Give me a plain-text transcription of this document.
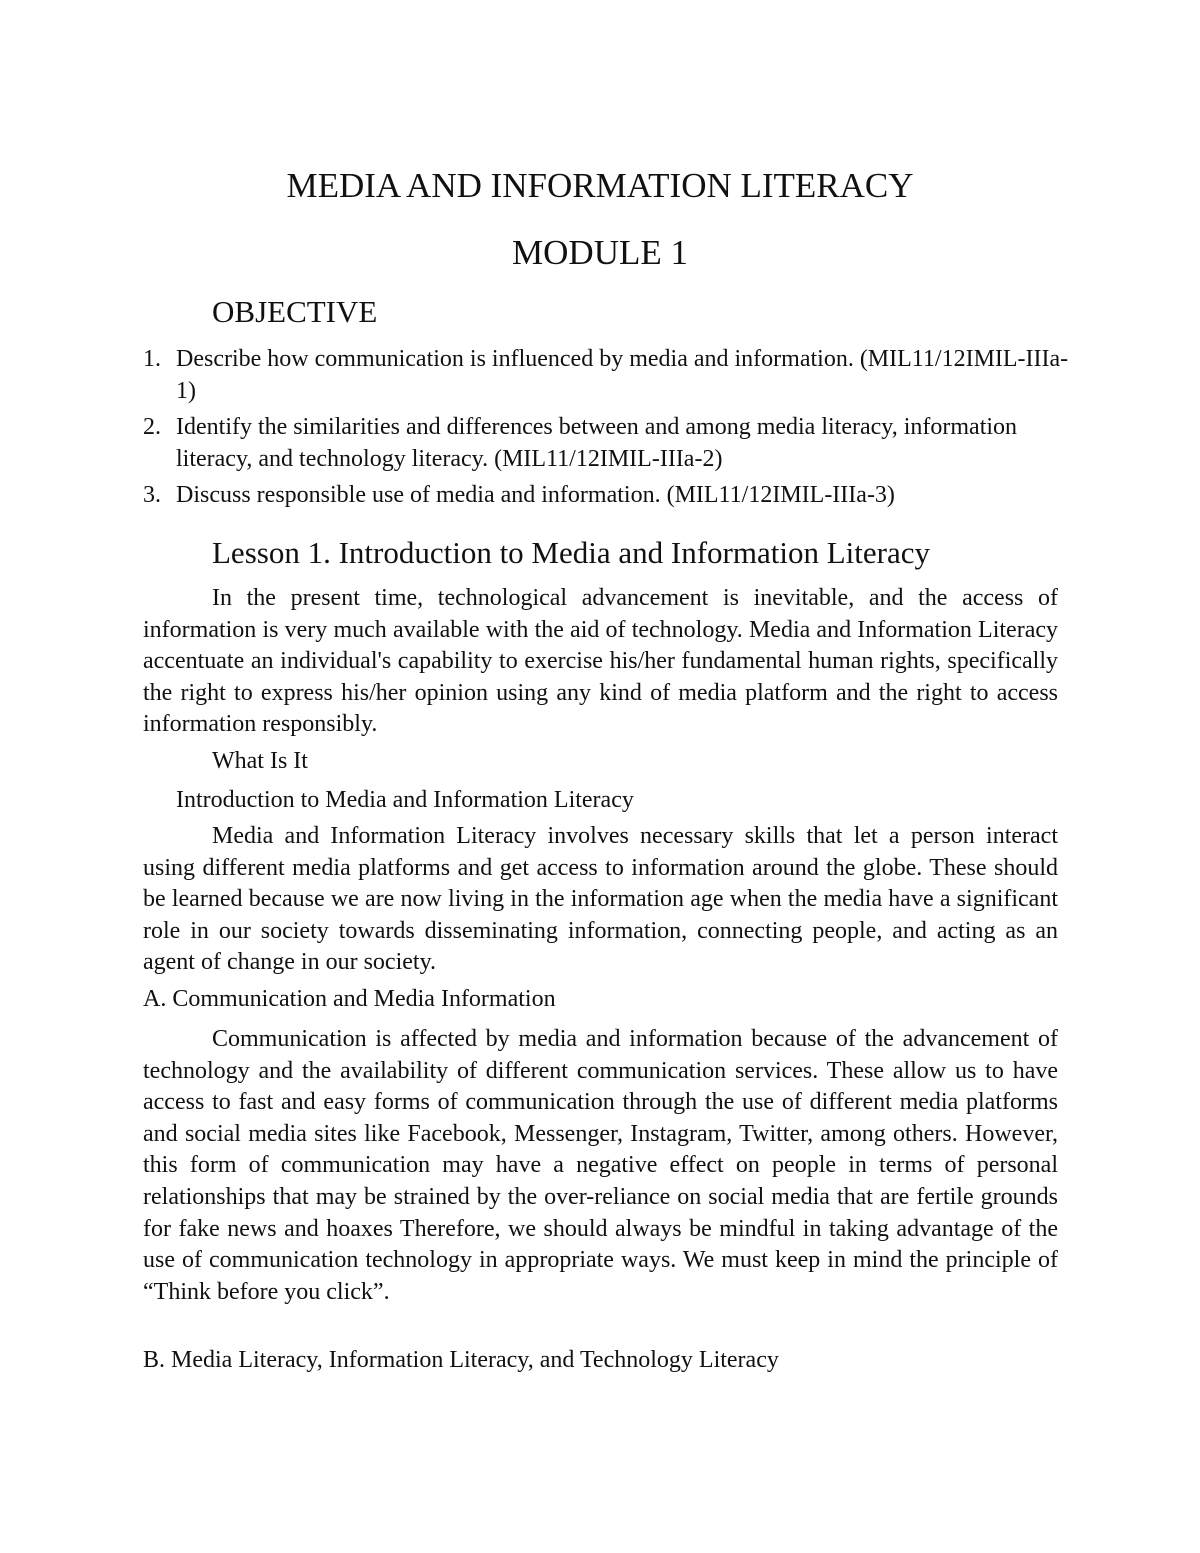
MEDIA AND INFORMATION LITERACY
MODULE 1
OBJECTIVE
1. Describe how communication is influenced by media and information. (MIL11/12IMIL-IIIa-1)
2. Identify the similarities and differences between and among media literacy, information literacy, and technology literacy. (MIL11/12IMIL-IIIa-2)
3. Discuss responsible use of media and information. (MIL11/12IMIL-IIIa-3)
Lesson 1. Introduction to Media and Information Literacy

In the present time, technological advancement is inevitable, and the access of information is very much available with the aid of technology. Media and Information Literacy accentuate an individual's capability to exercise his/her fundamental human rights, specifically the right to express his/her opinion using any kind of media platform and the right to access information responsibly.

What Is It

Introduction to Media and Information Literacy

Media and Information Literacy involves necessary skills that let a person interact using different media platforms and get access to information around the globe. These should be learned because we are now living in the information age when the media have a significant role in our society towards disseminating information, connecting people, and acting as an agent of change in our society.

A. Communication and Media Information

Communication is affected by media and information because of the advancement of technology and the availability of different communication services. These allow us to have access to fast and easy forms of communication through the use of different media platforms and social media sites like Facebook, Messenger, Instagram, Twitter, among others. However, this form of communication may have a negative effect on people in terms of personal relationships that may be strained by the over-reliance on social media that are fertile grounds for fake news and hoaxes Therefore, we should always be mindful in taking advantage of the use of communication technology in appropriate ways. We must keep in mind the principle of “Think before you click”.

B. Media Literacy, Information Literacy, and Technology Literacy
